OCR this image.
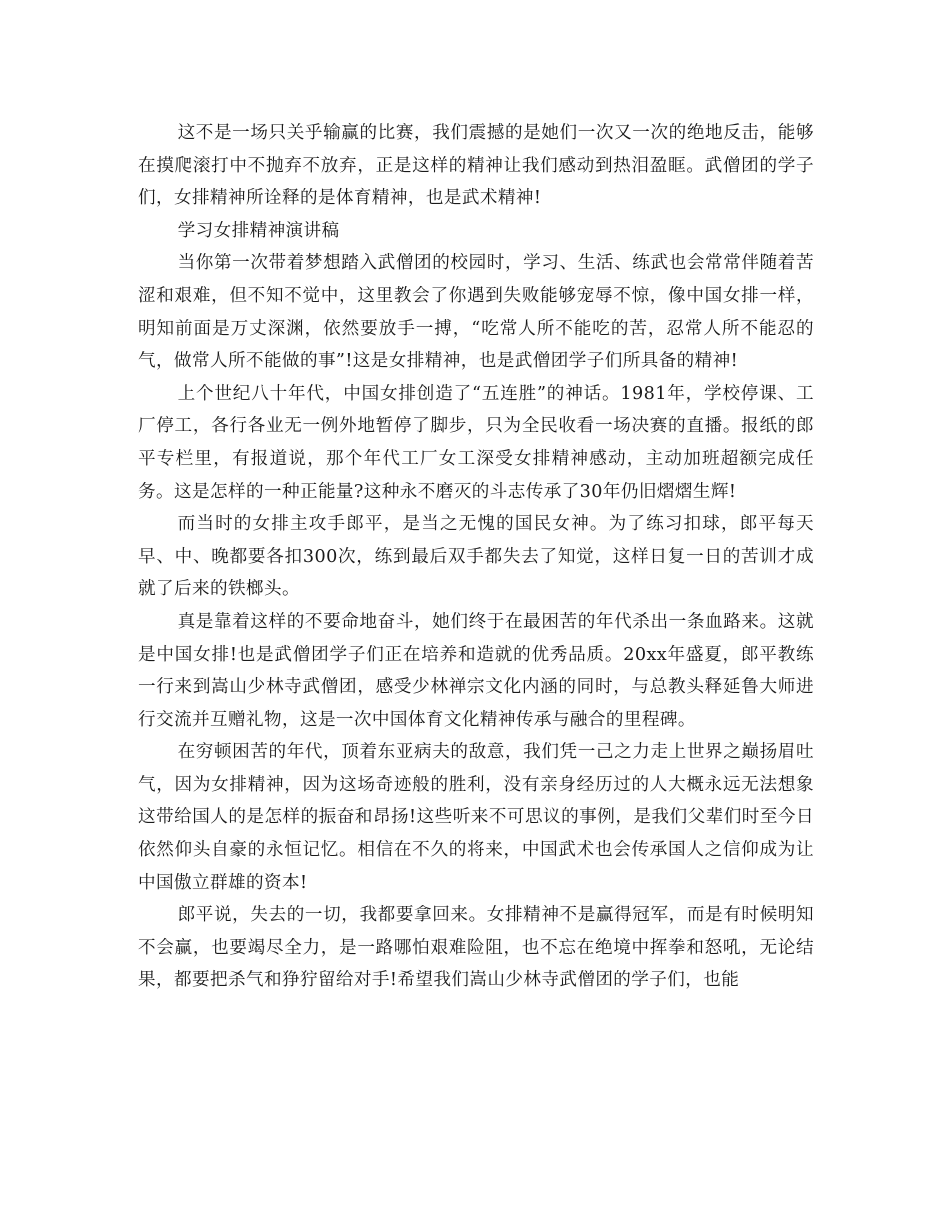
这不是一场只关乎输赢的比赛，我们震撼的是她们一次又一次的绝地反击，能够在摸爬滚打中不抛弃不放弃，正是这样的精神让我们感动到热泪盈眶。武僧团的学子们，女排精神所诠释的是体育精神，也是武术精神!

学习女排精神演讲稿

当你第一次带着梦想踏入武僧团的校园时，学习、生活、练武也会常常伴随着苦涩和艰难，但不知不觉中，这里教会了你遇到失败能够宠辱不惊，像中国女排一样，明知前面是万丈深渊，依然要放手一搏，“吃常人所不能吃的苦，忍常人所不能忍的气，做常人所不能做的事”!这是女排精神，也是武僧团学子们所具备的精神!

上个世纪八十年代，中国女排创造了“五连胜”的神话。1981年，学校停课、工厂停工，各行各业无一例外地暂停了脚步，只为全民收看一场决赛的直播。报纸的郎平专栏里，有报道说，那个年代工厂女工深受女排精神感动，主动加班超额完成任务。这是怎样的一种正能量?这种永不磨灭的斗志传承了30年仍旧熠熠生辉!

而当时的女排主攻手郎平，是当之无愧的国民女神。为了练习扣球，郎平每天早、中、晚都要各扣300次，练到最后双手都失去了知觉，这样日复一日的苦训才成就了后来的铁榔头。

真是靠着这样的不要命地奋斗，她们终于在最困苦的年代杀出一条血路来。这就是中国女排!也是武僧团学子们正在培养和造就的优秀品质。20xx年盛夏，郎平教练一行来到嵩山少林寺武僧团，感受少林禅宗文化内涵的同时，与总教头释延鲁大师进行交流并互赠礼物，这是一次中国体育文化精神传承与融合的里程碑。

在穷顿困苦的年代，顶着东亚病夫的敌意，我们凭一己之力走上世界之巅扬眉吐气，因为女排精神，因为这场奇迹般的胜利，没有亲身经历过的人大概永远无法想象这带给国人的是怎样的振奋和昂扬!这些听来不可思议的事例，是我们父辈们时至今日依然仰头自豪的永恒记忆。相信在不久的将来，中国武术也会传承国人之信仰成为让中国傲立群雄的资本!

郎平说，失去的一切，我都要拿回来。女排精神不是赢得冠军，而是有时候明知不会赢，也要竭尽全力，是一路哪怕艰难险阻，也不忘在绝境中挥拳和怒吼，无论结果，都要把杀气和狰狞留给对手!希望我们嵩山少林寺武僧团的学子们，也能
